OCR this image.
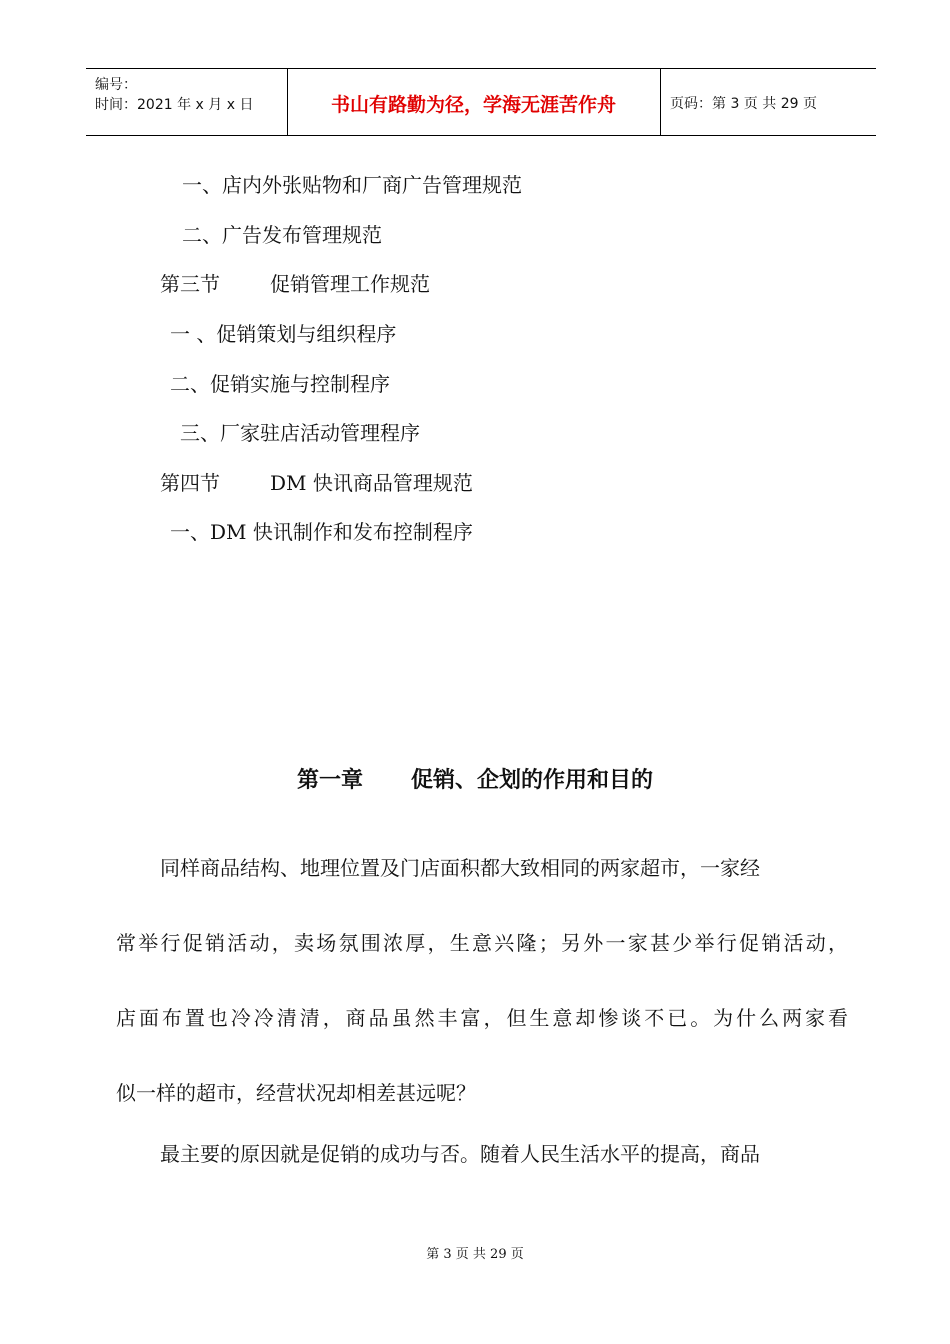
编号：
时间：2021 年 x 月 x 日	书山有路勤为径，学海无涯苦作舟	页码：第 3 页 共 29 页
一、店内外张贴物和厂商广告管理规范
二、广告发布管理规范
第三节	促销管理工作规范
一 、促销策划与组织程序
二、促销实施与控制程序
三、厂家驻店活动管理程序
第四节	DM 快讯商品管理规范
一、DM 快讯制作和发布控制程序
第一章 促销、企划的作用和目的
同样商品结构、地理位置及门店面积都大致相同的两家超市，一家经
常举行促销活动，卖场氛围浓厚，生意兴隆；另外一家甚少举行促销活动，
店面布置也冷冷清清，商品虽然丰富，但生意却惨谈不已。为什么两家看
似一样的超市，经营状况却相差甚远呢？
最主要的原因就是促销的成功与否。随着人民生活水平的提高，商品
第 3 页 共 29 页
